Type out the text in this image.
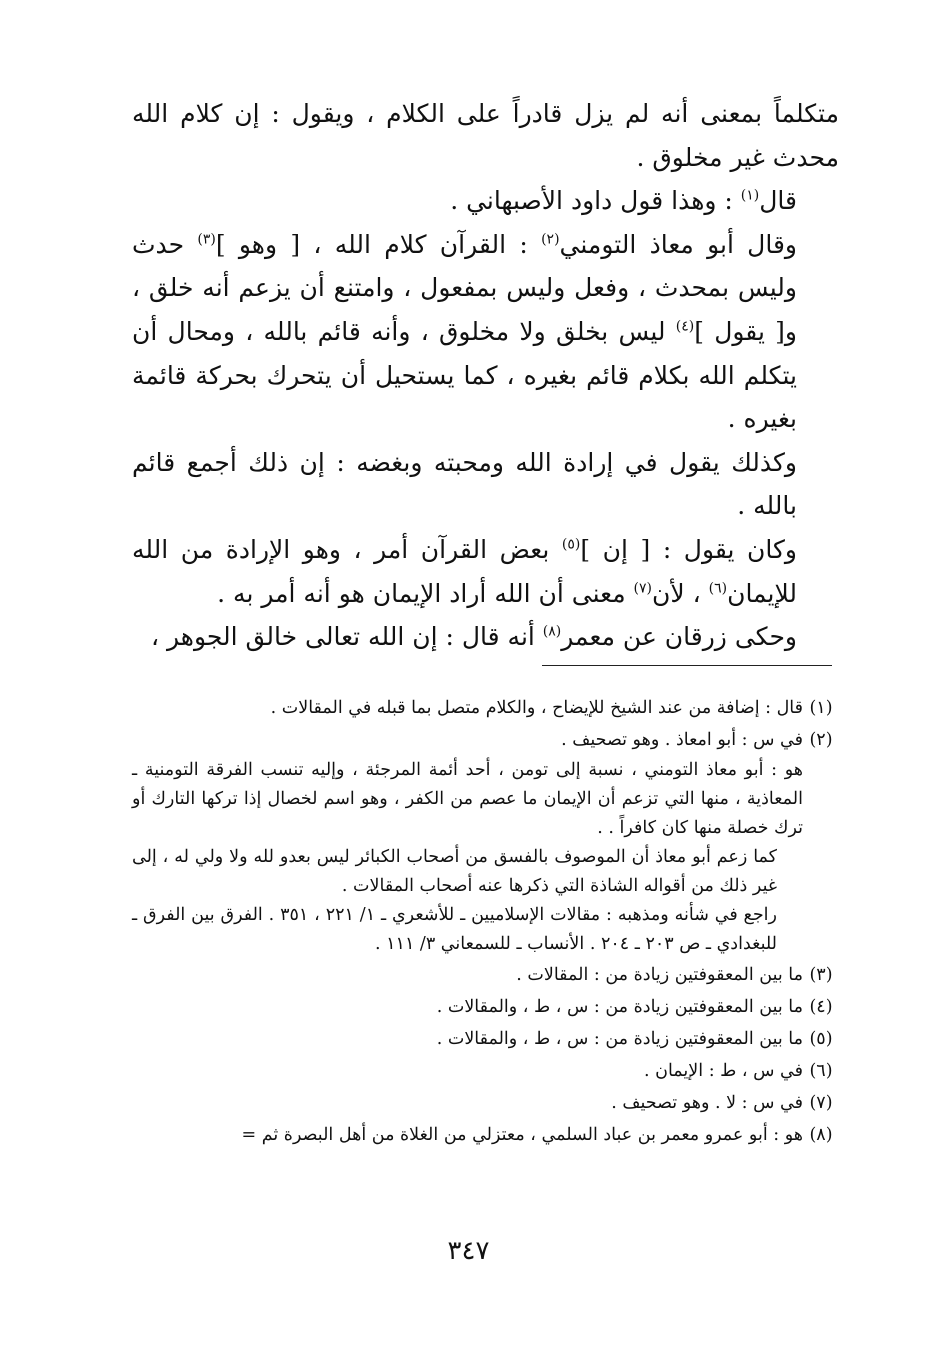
متكلماً بمعنى أنه لم يزل قادراً على الكلام ، ويقول : إن كلام الله محدث غير مخلوق .

قال$^{(١)}$ : وهذا قول داود الأصبهاني .

وقال أبو معاذ التومني$^{(٢)}$ : القرآن كلام الله ، [ وهو ]$^{(٣)}$ حدث وليس بمحدث ، وفعل وليس بمفعول ، وامتنع أن يزعم أنه خلق ، و[ يقول ]$^{(٤)}$ ليس بخلق ولا مخلوق ، وأنه قائم بالله ، ومحال أن يتكلم الله بكلام قائم بغيره ، كما يستحيل أن يتحرك بحركة قائمة بغيره .

وكذلك يقول في إرادة الله ومحبته وبغضه : إن ذلك أجمع قائم بالله .

وكان يقول : [ إن ]$^{(٥)}$ بعض القرآن أمر ، وهو الإرادة من الله للإيمان$^{(٦)}$ ، لأن$^{(٧)}$ معنى أن الله أراد الإيمان هو أنه أمر به .

وحكى زرقان عن معمر$^{(٨)}$ أنه قال : إن الله تعالى خالق الجوهر ،

(١)
قال : إضافة من عند الشيخ للإيضاح ، والكلام متصل بما قبله في المقالات .
(٢)
في س : أبو امعاذ . وهو تصحيف .
هو : أبو معاذ التومني ، نسبة إلى تومن ، أحد أئمة المرجئة ، وإليه تنسب الفرقة التومنية ـ المعاذية ، منها التي تزعم أن الإيمان ما عصم من الكفر ، وهو اسم لخصال إذا تركها التارك أو ترك خصلة منها كان كافراً . .
كما زعم أبو معاذ أن الموصوف بالفسق من أصحاب الكبائر ليس بعدو لله ولا ولي له ، إلى غير ذلك من أقواله الشاذة التي ذكرها عنه أصحاب المقالات .
راجع في شأنه ومذهبه : مقالات الإسلاميين ـ للأشعري ـ ١/ ٢٢١ ، ٣٥١ . الفرق بين الفرق ـ للبغدادي ـ ص ٢٠٣ ـ ٢٠٤ . الأنساب ـ للسمعاني ٣/ ١١١ .
(٣)
ما بين المعقوفتين زيادة من : المقالات .
(٤)
ما بين المعقوفتين زيادة من : س ، ط ، والمقالات .
(٥)
ما بين المعقوفتين زيادة من : س ، ط ، والمقالات .
(٦)
في س ، ط : الإيمان .
(٧)
في س : لا . وهو تصحيف .
(٨)
هو : أبو عمرو معمر بن عباد السلمي ، معتزلي من الغلاة من أهل البصرة ثم =
٣٤٧
